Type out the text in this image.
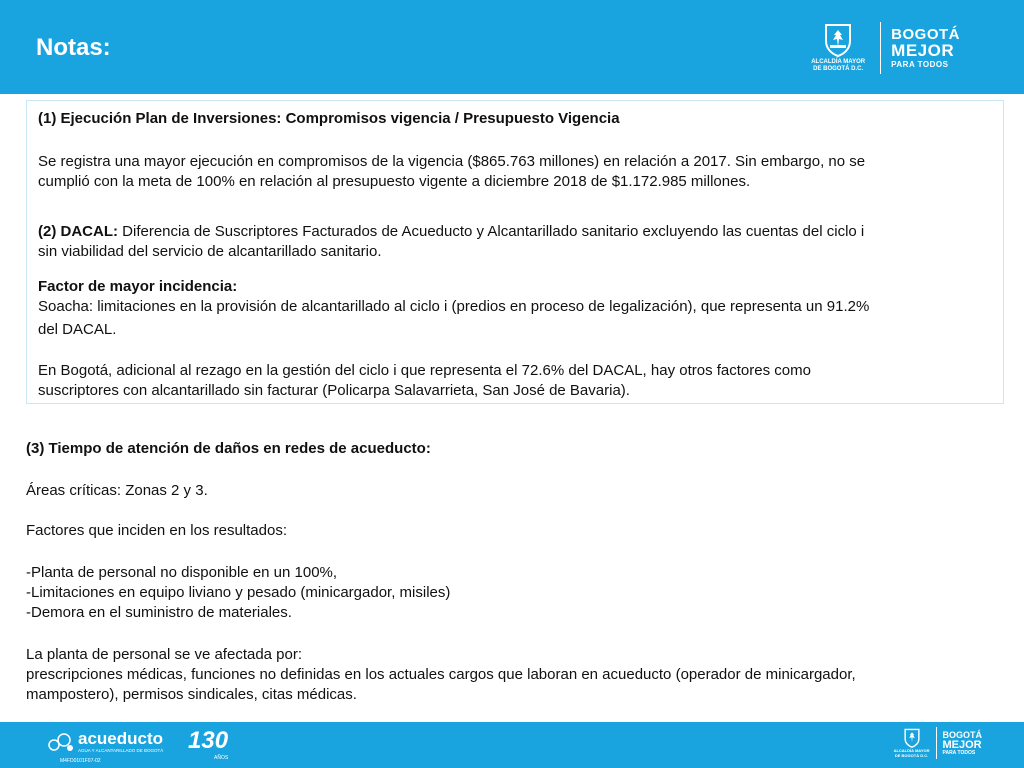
Notas:
ALCALDÍA MAYOR
DE BOGOTÁ D.C.
BOGOTÁ
MEJOR
PARA TODOS
(1) Ejecución Plan de Inversiones: Compromisos vigencia / Presupuesto Vigencia
Se registra una mayor ejecución en compromisos de la vigencia ($865.763 millones) en relación a 2017. Sin embargo, no se
cumplió con la meta de 100% en relación al presupuesto vigente a diciembre 2018 de $1.172.985 millones.
(2) DACAL: Diferencia de Suscriptores Facturados de Acueducto y Alcantarillado sanitario excluyendo las cuentas del ciclo i
sin viabilidad del servicio de alcantarillado sanitario.
Factor de mayor incidencia:
Soacha: limitaciones en la provisión de alcantarillado al ciclo i (predios en proceso de legalización), que representa un 91.2%
del DACAL.
En Bogotá, adicional al rezago en la gestión del ciclo i que representa el 72.6% del DACAL, hay otros factores como
suscriptores con alcantarillado sin facturar (Policarpa Salavarrieta, San José de Bavaria).
(3) Tiempo de atención de daños en redes de acueducto:
Áreas críticas: Zonas 2 y 3.
Factores que inciden en los resultados:
-Planta de personal no disponible en un 100%,
-Limitaciones en equipo liviano y pesado (minicargador, misiles)
-Demora en el suministro de materiales.
La planta de personal se ve afectada por:
prescripciones médicas, funciones no definidas en los actuales cargos que laboran en acueducto (operador de minicargador,
mampostero), permisos sindicales, citas médicas.
acueducto
AGUA Y ALCANTARILLADO DE BOGOTÁ 130
AÑOS
M4FD0101F07-02
ALCALDÍA MAYOR
DE BOGOTÁ D.C.
BOGOTÁ
MEJOR
PARA TODOS
